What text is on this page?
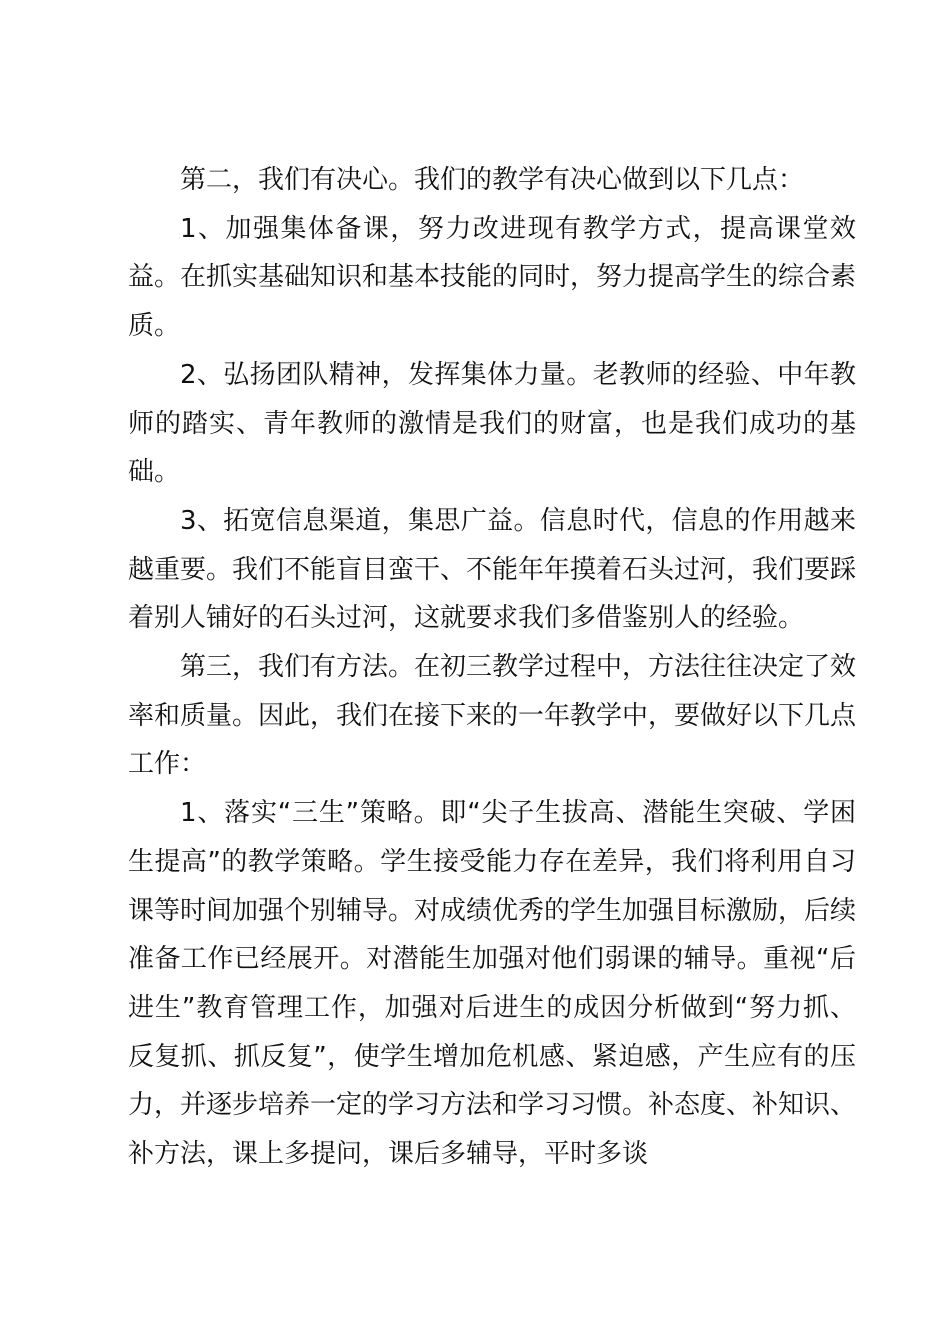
第二，我们有决心。我们的教学有决心做到以下几点：

1、加强集体备课，努力改进现有教学方式，提高课堂效益。在抓实基础知识和基本技能的同时，努力提高学生的综合素质。

2、弘扬团队精神，发挥集体力量。老教师的经验、中年教师的踏实、青年教师的激情是我们的财富，也是我们成功的基础。

3、拓宽信息渠道，集思广益。信息时代，信息的作用越来越重要。我们不能盲目蛮干、不能年年摸着石头过河，我们要踩着别人铺好的石头过河，这就要求我们多借鉴别人的经验。

第三，我们有方法。在初三教学过程中，方法往往决定了效率和质量。因此，我们在接下来的一年教学中，要做好以下几点工作：

1、落实“三生”策略。即“尖子生拔高、潜能生突破、学困生提高”的教学策略。学生接受能力存在差异，我们将利用自习课等时间加强个别辅导。对成绩优秀的学生加强目标激励，后续准备工作已经展开。对潜能生加强对他们弱课的辅导。重视“后进生”教育管理工作，加强对后进生的成因分析做到“努力抓、反复抓、抓反复”，使学生增加危机感、紧迫感，产生应有的压力，并逐步培养一定的学习方法和学习习惯。补态度、补知识、补方法，课上多提问，课后多辅导，平时多谈
